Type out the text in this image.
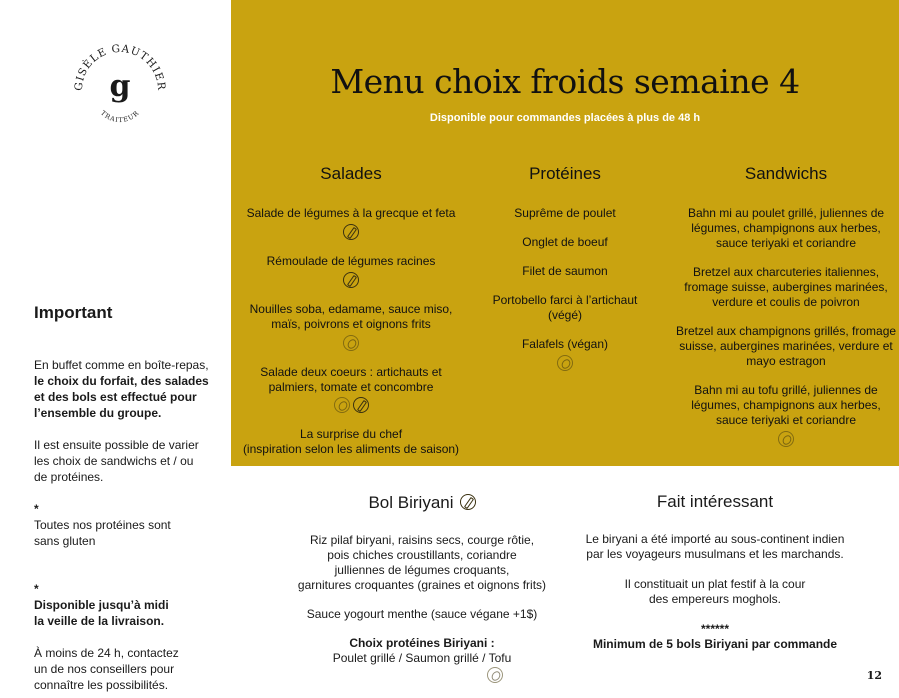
GISÈLE GAUTHIER
g
TRAITEUR
Important

En buffet comme en boîte-repas,

le choix du forfait, des salades

et des bols est effectué pour

l’ensemble du groupe.

Il est ensuite possible de varier

les choix de sandwichs et / ou

de protéines.

*

Toutes nos protéines sont

sans gluten

*

Disponible jusqu’à midi

la veille de la livraison.

À moins de 24 h, contactez

un de nos conseillers pour

connaître les possibilités.

Menu choix froids semaine 4
Disponible pour commandes placées à plus de 48 h
Salades
Salade de légumes à la grecque et feta
Rémoulade de légumes racines
Nouilles soba, edamame, sauce miso,
maïs, poivrons et oignons frits
Salade deux coeurs : artichauts et
palmiers, tomate et concombre
La surprise du chef
(inspiration selon les aliments de saison)
Protéines
Suprême de poulet
Onglet de boeuf
Filet de saumon
Portobello farci à l’artichaut
(végé)
Falafels (végan)
Sandwichs
Bahn mi au poulet grillé, juliennes de
légumes, champignons aux herbes,
sauce teriyaki et coriandre
Bretzel aux charcuteries italiennes,
fromage suisse, aubergines marinées,
verdure et coulis de poivron
Bretzel aux champignons grillés, fromage
suisse, aubergines marinées, verdure et
mayo estragon
Bahn mi au tofu grillé, juliennes de
légumes, champignons aux herbes,
sauce teriyaki et coriandre
Bol Biriyani
Riz pilaf biryani, raisins secs, courge rôtie,
pois chiches croustillants, coriandre
julliennes de légumes croquants,
garnitures croquantes (graines et oignons frits)
Sauce yogourt menthe (sauce végane +1$)
Choix protéines Biriyani :
Poulet grillé / Saumon grillé / Tofu
Fait intéressant
Le biryani a été importé au sous-continent indien
par les voyageurs musulmans et les marchands.
Il constituait un plat festif à la cour
des empereurs moghols.
******
Minimum de 5 bols Biriyani par commande
12
